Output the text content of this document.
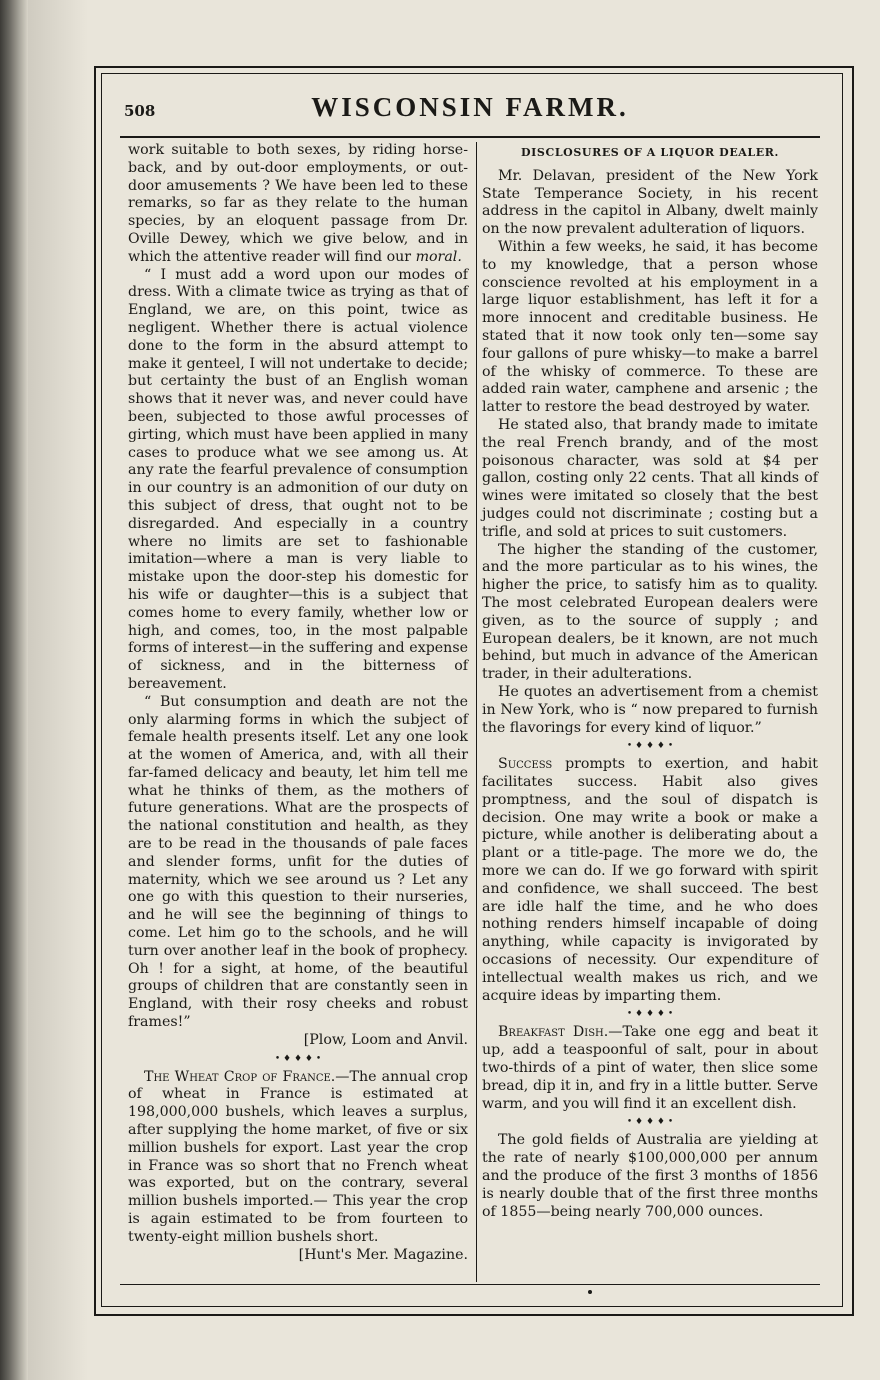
508	WISCONSIN FARMR.

work suitable to both sexes, by riding horse-back, and by out-door employments, or out-door amusements ? We have been led to these remarks, so far as they relate to the human species, by an eloquent passage from Dr. Oville Dewey, which we give below, and in which the attentive reader will find our moral.

“ I must add a word upon our modes of dress. With a climate twice as trying as that of England, we are, on this point, twice as negligent. Whether there is actual violence done to the form in the absurd attempt to make it genteel, I will not undertake to decide; but certainty the bust of an English woman shows that it never was, and never could have been, subjected to those awful processes of girting, which must have been applied in many cases to produce what we see among us. At any rate the fearful prevalence of consumption in our country is an admonition of our duty on this subject of dress, that ought not to be disregarded. And especially in a country where no limits are set to fashionable imitation—where a man is very liable to mistake upon the door-step his domestic for his wife or daughter—this is a subject that comes home to every family, whether low or high, and comes, too, in the most palpable forms of interest—in the suffering and expense of sickness, and in the bitterness of bereavement.

“ But consumption and death are not the only alarming forms in which the subject of female health presents itself. Let any one look at the women of America, and, with all their far-famed delicacy and beauty, let him tell me what he thinks of them, as the mothers of future generations. What are the prospects of the national constitution and health, as they are to be read in the thousands of pale faces and slender forms, unfit for the duties of maternity, which we see around us ? Let any one go with this question to their nurseries, and he will see the beginning of things to come. Let him go to the schools, and he will turn over another leaf in the book of prophecy. Oh ! for a sight, at home, of the beautiful groups of children that are constantly seen in England, with their rosy cheeks and robust frames!”

[Plow, Loom and Anvil.
• ♦ ♦ ♦ •

The Wheat Crop of France.—The annual crop of wheat in France is estimated at 198,000,000 bushels, which leaves a surplus, after supplying the home market, of five or six million bushels for export. Last year the crop in France was so short that no French wheat was exported, but on the contrary, several million bushels imported.— This year the crop is again estimated to be from fourteen to twenty-eight million bushels short.

[Hunt's Mer. Magazine.
DISCLOSURES OF A LIQUOR DEALER.

Mr. Delavan, president of the New York State Temperance Society, in his recent address in the capitol in Albany, dwelt mainly on the now prevalent adulteration of liquors.

Within a few weeks, he said, it has become to my knowledge, that a person whose conscience revolted at his employment in a large liquor establishment, has left it for a more innocent and creditable business. He stated that it now took only ten—some say four gallons of pure whisky—to make a barrel of the whisky of commerce. To these are added rain water, camphene and arsenic ; the latter to restore the bead destroyed by water.

He stated also, that brandy made to imitate the real French brandy, and of the most poisonous character, was sold at $4 per gallon, costing only 22 cents. That all kinds of wines were imitated so closely that the best judges could not discriminate ; costing but a trifle, and sold at prices to suit customers.

The higher the standing of the customer, and the more particular as to his wines, the higher the price, to satisfy him as to quality. The most celebrated European dealers were given, as to the source of supply ; and European dealers, be it known, are not much behind, but much in advance of the American trader, in their adulterations.

He quotes an advertisement from a chemist in New York, who is “ now prepared to furnish the flavorings for every kind of liquor.”

• ♦ ♦ ♦ •

Success prompts to exertion, and habit facilitates success. Habit also gives promptness, and the soul of dispatch is decision. One may write a book or make a picture, while another is deliberating about a plant or a title-page. The more we do, the more we can do. If we go forward with spirit and confidence, we shall succeed. The best are idle half the time, and he who does nothing renders himself incapable of doing anything, while capacity is invigorated by occasions of necessity. Our expenditure of intellectual wealth makes us rich, and we acquire ideas by imparting them.

• ♦ ♦ ♦ •

Breakfast Dish.—Take one egg and beat it up, add a teaspoonful of salt, pour in about two-thirds of a pint of water, then slice some bread, dip it in, and fry in a little butter. Serve warm, and you will find it an excellent dish.

• ♦ ♦ ♦ •

The gold fields of Australia are yielding at the rate of nearly $100,000,000 per annum and the produce of the first 3 months of 1856 is nearly double that of the first three months of 1855—being nearly 700,000 ounces.
